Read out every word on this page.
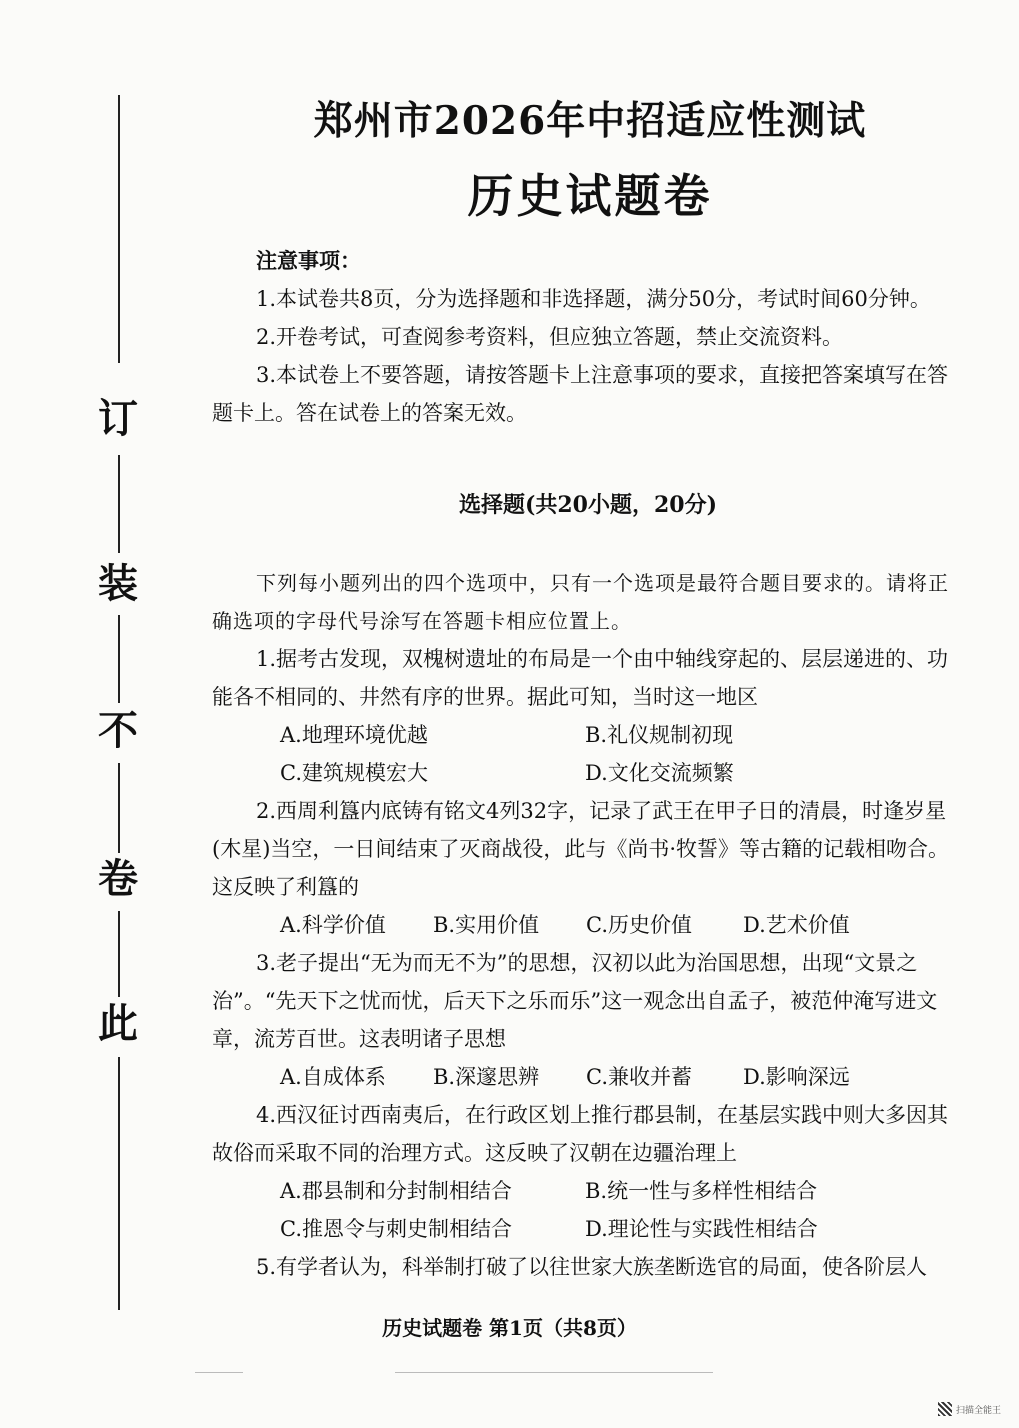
订
装
不
卷
此
郑州市2026年中招适应性测试
历史试题卷
注意事项：

1.本试卷共8页，分为选择题和非选择题，满分50分，考试时间60分钟。

2.开卷考试，可查阅参考资料，但应独立答题，禁止交流资料。

3.本试卷上不要答题，请按答题卡上注意事项的要求，直接把答案填写在答题卡上。答在试卷上的答案无效。

选择题(共20小题，20分)

下列每小题列出的四个选项中，只有一个选项是最符合题目要求的。请将正确选项的字母代号涂写在答题卡相应位置上。

1.据考古发现，双槐树遗址的布局是一个由中轴线穿起的、层层递进的、功能各不相同的、井然有序的世界。据此可知，当时这一地区

A.地理环境优越	B.礼仪规制初现
C.建筑规模宏大	D.文化交流频繁

2.西周利簋内底铸有铭文4列32字，记录了武王在甲子日的清晨，时逢岁星(木星)当空，一日间结束了灭商战役，此与《尚书·牧誓》等古籍的记载相吻合。这反映了利簋的

A.科学价值	B.实用价值	C.历史价值	D.艺术价值

3.老子提出“无为而无不为”的思想，汉初以此为治国思想，出现“文景之治”。“先天下之忧而忧，后天下之乐而乐”这一观念出自孟子，被范仲淹写进文章，流芳百世。这表明诸子思想

A.自成体系	B.深邃思辨	C.兼收并蓄	D.影响深远

4.西汉征讨西南夷后，在行政区划上推行郡县制，在基层实践中则大多因其故俗而采取不同的治理方式。这反映了汉朝在边疆治理上

A.郡县制和分封制相结合	B.统一性与多样性相结合
C.推恩令与刺史制相结合	D.理论性与实践性相结合

5.有学者认为，科举制打破了以往世家大族垄断选官的局面，使各阶层人

历史试题卷 第1页（共8页）
扫描全能王
